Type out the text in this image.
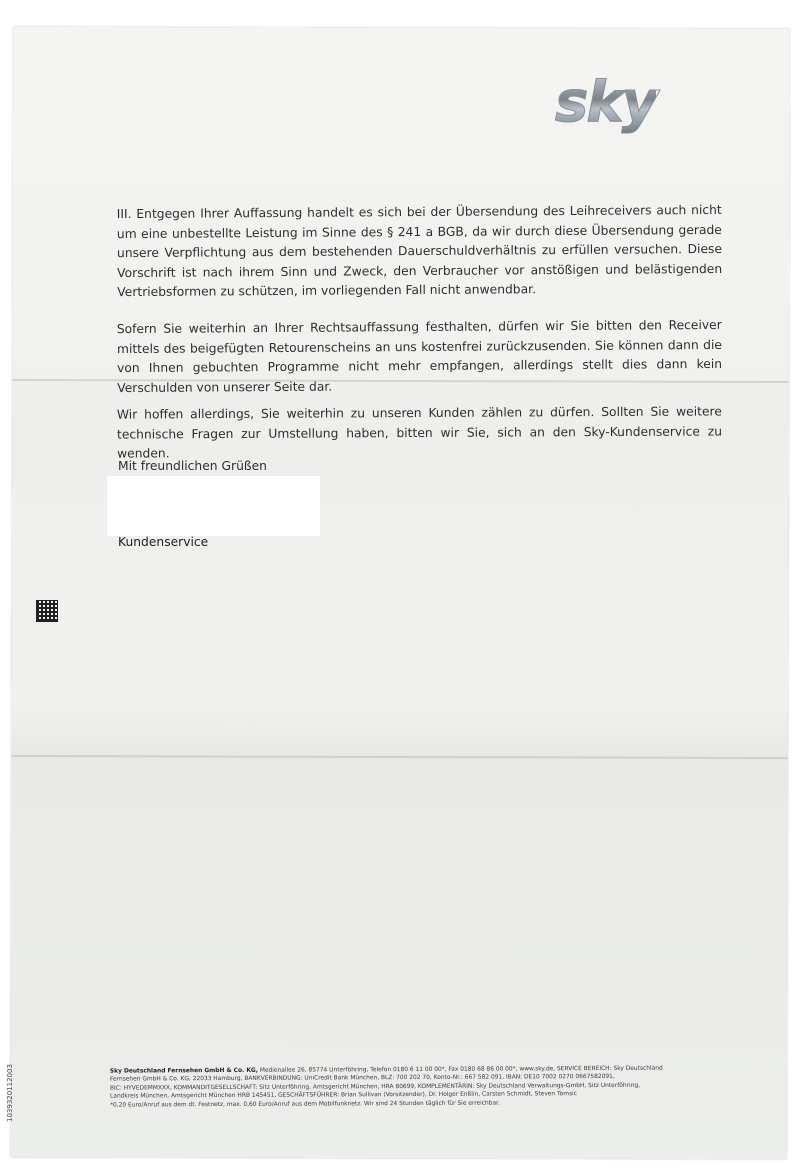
sky

III. Entgegen Ihrer Auffassung handelt es sich bei der Übersendung des Leihreceivers auch nicht um eine unbestellte Leistung im Sinne des § 241 a BGB, da wir durch diese Übersendung gerade unsere Verpflichtung aus dem bestehenden Dauerschuldverhältnis zu erfüllen versuchen. Diese Vorschrift ist nach ihrem Sinn und Zweck, den Verbraucher vor anstößigen und belästigenden Vertriebsformen zu schützen, im vorliegenden Fall nicht anwendbar.

Sofern Sie weiterhin an Ihrer Rechtsauffassung festhalten, dürfen wir Sie bitten den Receiver mittels des beigefügten Retourenscheins an uns kostenfrei zurückzusenden. Sie können dann die von Ihnen gebuchten Programme nicht mehr empfangen, allerdings stellt dies dann kein Verschulden von unserer Seite dar.

Wir hoffen allerdings, Sie weiterhin zu unseren Kunden zählen zu dürfen. Sollten Sie weitere technische Fragen zur Umstellung haben, bitten wir Sie, sich an den Sky-Kundenservice zu wenden.

Mit freundlichen Grüßen
Kundenservice
1039320112003	Sky Deutschland Fernsehen GmbH & Co. KG, Medienallee 26, 85774 Unterföhring, Telefon 0180 6 11 00 00*, Fax 0180 68 86 00 00*, www.sky.de, SERVICE BEREICH: Sky Deutschland
Fernsehen GmbH & Co. KG, 22033 Hamburg, BANKVERBINDUNG: UniCredit Bank München, BLZ: 700 202 70, Konto-Nr.: 667 582 091, IBAN: DE10 7002 0270 0667582091,
BIC: HYVEDEMMXXX, KOMMANDITGESELLSCHAFT: Sitz Unterföhring, Amtsgericht München, HRA 80699, KOMPLEMENTÄRIN: Sky Deutschland Verwaltungs-GmbH, Sitz Unterföhring,
Landkreis München, Amtsgericht München HRB 145451, GESCHÄFTSFÜHRER: Brian Sullivan (Vorsitzender), Dr. Holger Enßlin, Carsten Schmidt, Steven Tomsic
*0,20 Euro/Anruf aus dem dt. Festnetz, max. 0,60 Euro/Anruf aus dem Mobilfunknetz. Wir sind 24 Stunden täglich für Sie erreichbar.
